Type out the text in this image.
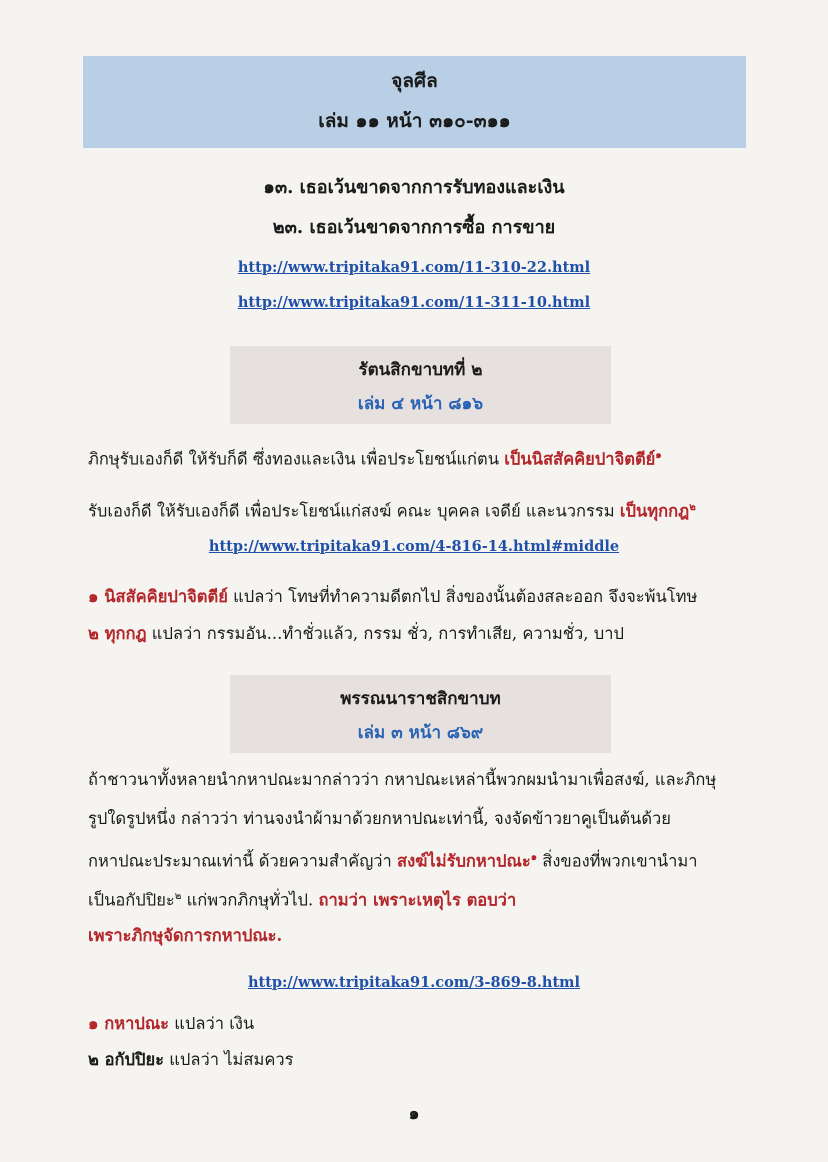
จุลศีล
เล่ม ๑๑ หน้า ๓๑๐-๓๑๑
๑๓. เธอเว้นขาดจากการรับทองและเงิน
๒๓. เธอเว้นขาดจากการซื้อ การขาย
http://www.tripitaka91.com/11-310-22.html
http://www.tripitaka91.com/11-311-10.html
รัตนสิกขาบทที่ ๒
เล่ม ๔ หน้า ๘๑๖
ภิกษุรับเองก็ดี ให้รับก็ดี ซึ่งทองและเงิน เพื่อประโยชน์แก่ตน เป็นนิสสัคคิยปาจิตตีย์$^๑$
รับเองก็ดี ให้รับเองก็ดี เพื่อประโยชน์แก่สงฆ์ คณะ บุคคล เจดีย์ และนวกรรม เป็นทุกกฎ$^๒$
http://www.tripitaka91.com/4-816-14.html#middle
๑ นิสสัคคิยปาจิตตีย์ แปลว่า โทษที่ทำความดีตกไป สิ่งของนั้นต้องสละออก จึงจะพ้นโทษ
๒ ทุกกฎ แปลว่า กรรมอัน...ทำชั่วแล้ว, กรรม ชั่ว, การทำเสีย, ความชั่ว, บาป
พรรณนาราชสิกขาบท
เล่ม ๓ หน้า ๘๖๙
ถ้าชาวนาทั้งหลายนำกหาปณะมากล่าวว่า กหาปณะเหล่านี้พวกผมนำมาเพื่อสงฆ์, และภิกษุ
รูปใดรูปหนึ่ง กล่าวว่า ท่านจงนำผ้ามาด้วยกหาปณะเท่านี้, จงจัดข้าวยาคูเป็นต้นด้วย
กหาปณะประมาณเท่านี้ ด้วยความสำคัญว่า สงฆ์ไม่รับกหาปณะ$^๑$ สิ่งของที่พวกเขานำมา
เป็นอกัปปิยะ$^๒$ แก่พวกภิกษุทั่วไป. ถามว่า เพราะเหตุไร ตอบว่า
เพราะภิกษุจัดการกหาปณะ.
http://www.tripitaka91.com/3-869-8.html
๑ กหาปณะ แปลว่า เงิน
๒ อกัปปิยะ แปลว่า ไม่สมควร
๑
